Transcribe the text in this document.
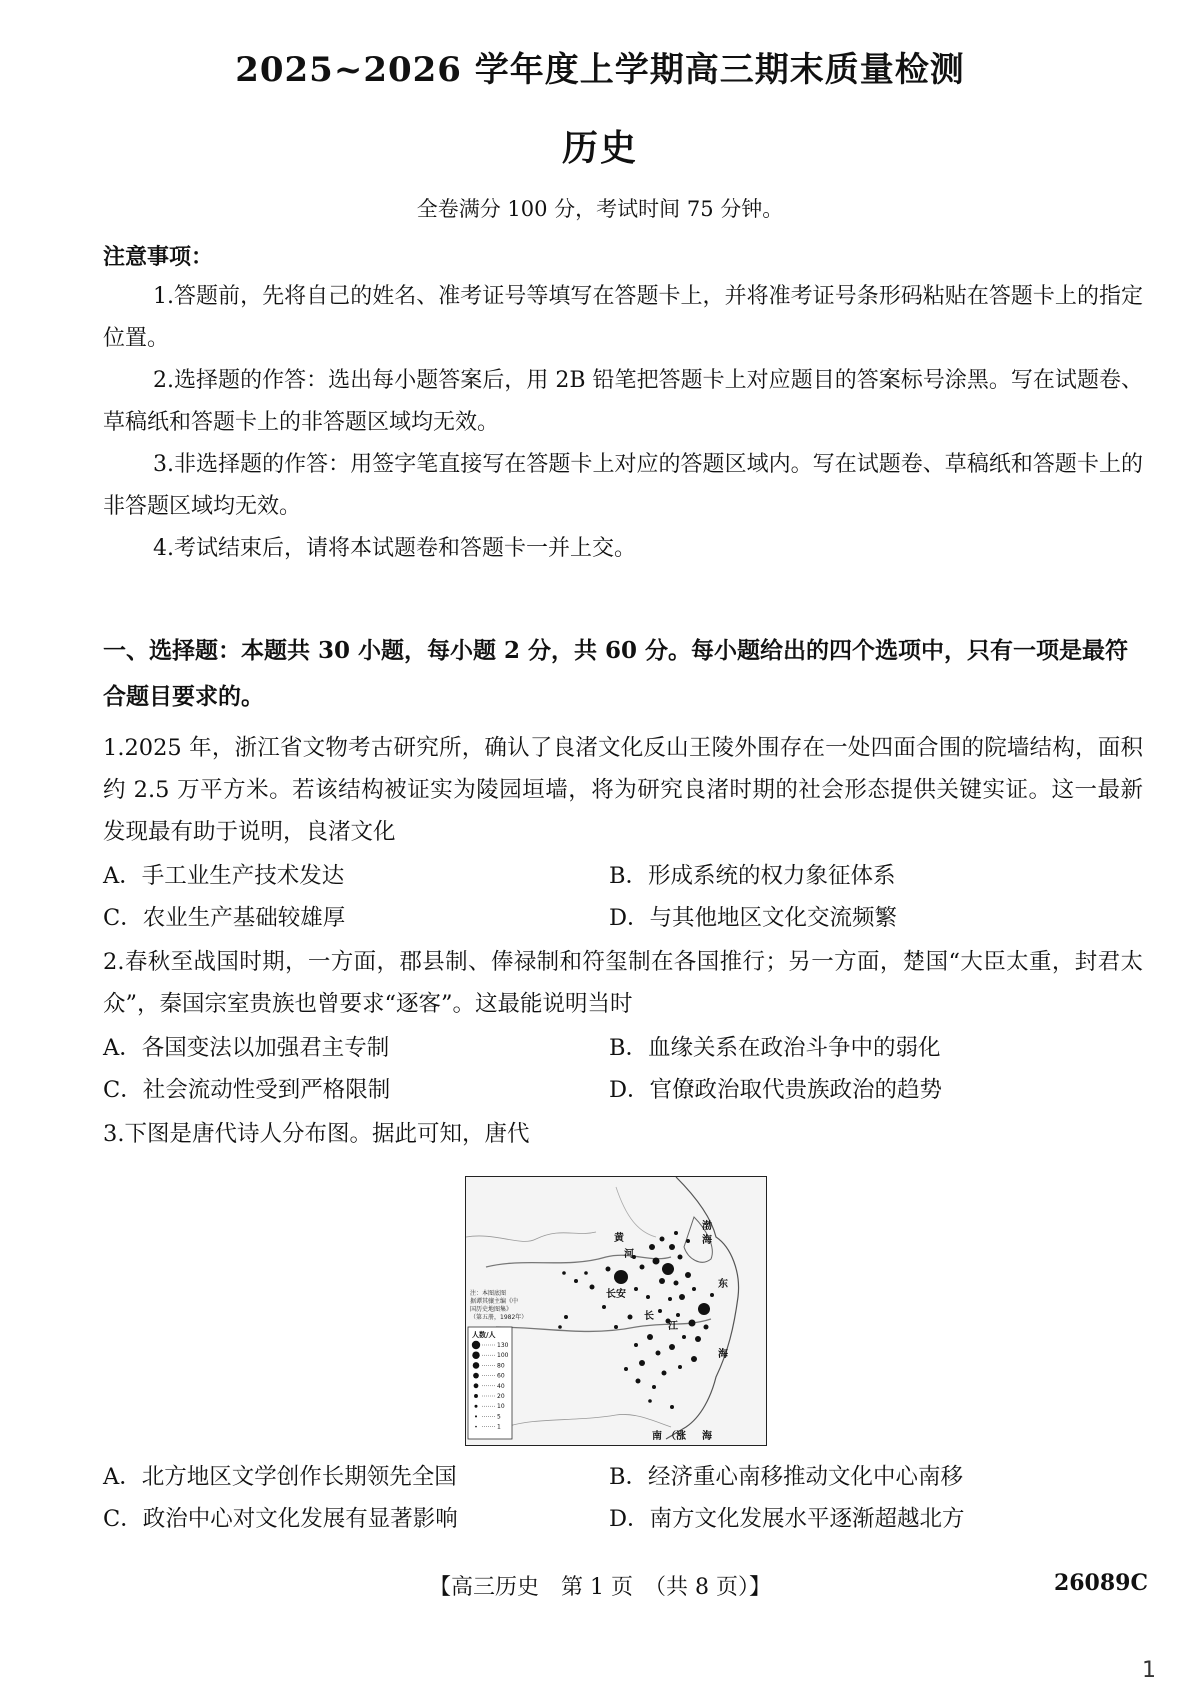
2025~2026 学年度上学期高三期末质量检测
历史
全卷满分 100 分，考试时间 75 分钟。
注意事项：
1.答题前，先将自己的姓名、准考证号等填写在答题卡上，并将准考证号条形码粘贴在答题卡上的指定位置。
2.选择题的作答：选出每小题答案后，用 2B 铅笔把答题卡上对应题目的答案标号涂黑。写在试题卷、草稿纸和答题卡上的非答题区域均无效。
3.非选择题的作答：用签字笔直接写在答题卡上对应的答题区域内。写在试题卷、草稿纸和答题卡上的非答题区域均无效。
4.考试结束后，请将本试题卷和答题卡一并上交。
一、选择题：本题共 30 小题，每小题 2 分，共 60 分。每小题给出的四个选项中，只有一项是最符合题目要求的。
1.2025 年，浙江省文物考古研究所，确认了良渚文化反山王陵外围存在一处四面合围的院墙结构，面积约 2.5 万平方米。若该结构被证实为陵园垣墙，将为研究良渚时期的社会形态提供关键实证。这一最新发现最有助于说明，良渚文化
A．手工业生产技术发达	B．形成系统的权力象征体系
C．农业生产基础较雄厚	D．与其他地区文化交流频繁
2.春秋至战国时期，一方面，郡县制、俸禄制和符玺制在各国推行；另一方面，楚国“大臣太重，封君太众”，秦国宗室贵族也曾要求“逐客”。这最能说明当时
A．各国变法以加强君主专制	B．血缘关系在政治斗争中的弱化
C．社会流动性受到严格限制	D．官僚政治取代贵族政治的趋势
3.下图是唐代诗人分布图。据此可知，唐代
黄
河
渤
海
东
海
长安
长
江
南 （涨 海
注：本图底图
据谭其骧主编《中
国历史地图集》
（第五册，1982年）
人数/人
130
100
80
60
40
20
10
5
1
A．北方地区文学创作长期领先全国	B．经济重心南移推动文化中心南移
C．政治中心对文化发展有显著影响	D．南方文化发展水平逐渐超越北方
【高三历史　第 1 页　（共 8 页）】	26089C
1
